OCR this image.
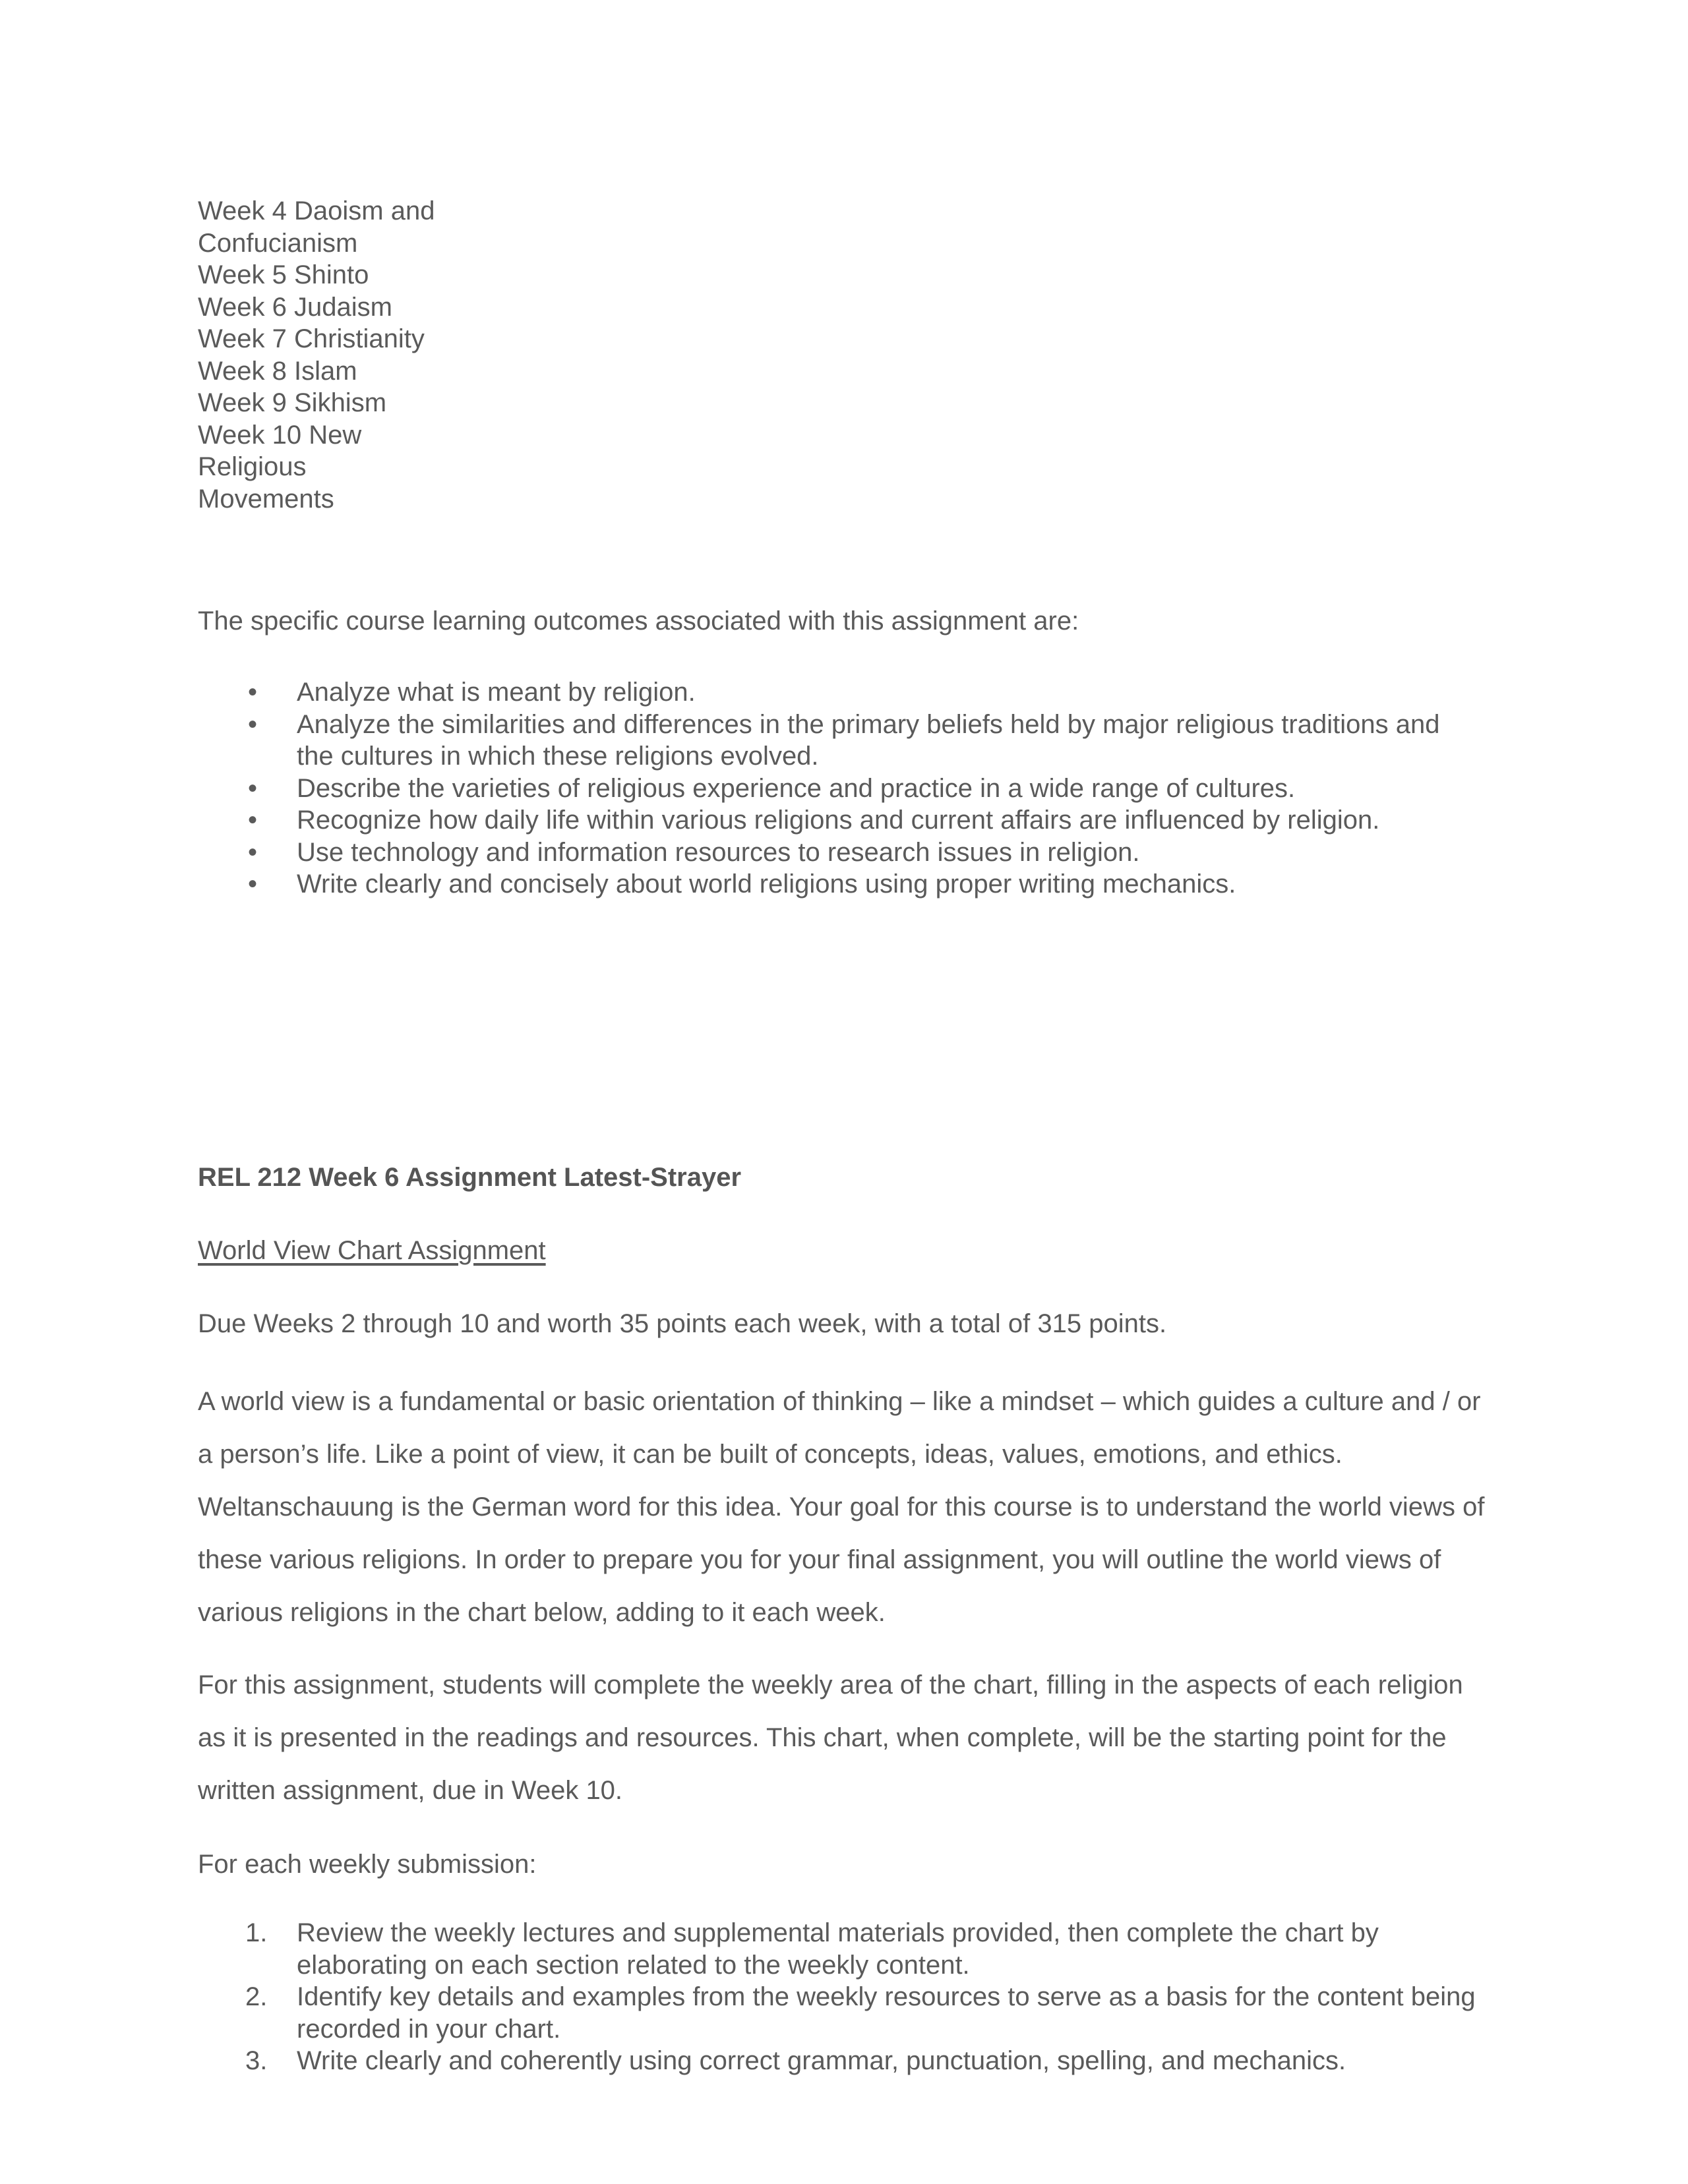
Week 4 Daoism and
Confucianism
Week 5 Shinto
Week 6 Judaism
Week 7 Christianity
Week 8 Islam
Week 9 Sikhism
Week 10 New
Religious
Movements

The specific course learning outcomes associated with this assignment are:

• Analyze what is meant by religion.
• Analyze the similarities and differences in the primary beliefs held by major religious traditions and the cultures in which these religions evolved.
• Describe the varieties of religious experience and practice in a wide range of cultures.
• Recognize how daily life within various religions and current affairs are influenced by religion.
• Use technology and information resources to research issues in religion.
• Write clearly and concisely about world religions using proper writing mechanics.

REL 212 Week 6 Assignment Latest-Strayer

World View Chart Assignment

Due Weeks 2 through 10 and worth 35 points each week, with a total of 315 points.

A world view is a fundamental or basic orientation of thinking – like a mindset – which guides a culture and / or a person’s life. Like a point of view, it can be built of concepts, ideas, values, emotions, and ethics. Weltanschauung is the German word for this idea. Your goal for this course is to understand the world views of these various religions. In order to prepare you for your final assignment, you will outline the world views of various religions in the chart below, adding to it each week.

For this assignment, students will complete the weekly area of the chart, filling in the aspects of each religion as it is presented in the readings and resources. This chart, when complete, will be the starting point for the written assignment, due in Week 10.

For each weekly submission:

1. Review the weekly lectures and supplemental materials provided, then complete the chart by elaborating on each section related to the weekly content.
2. Identify key details and examples from the weekly resources to serve as a basis for the content being recorded in your chart.
3. Write clearly and coherently using correct grammar, punctuation, spelling, and mechanics.
